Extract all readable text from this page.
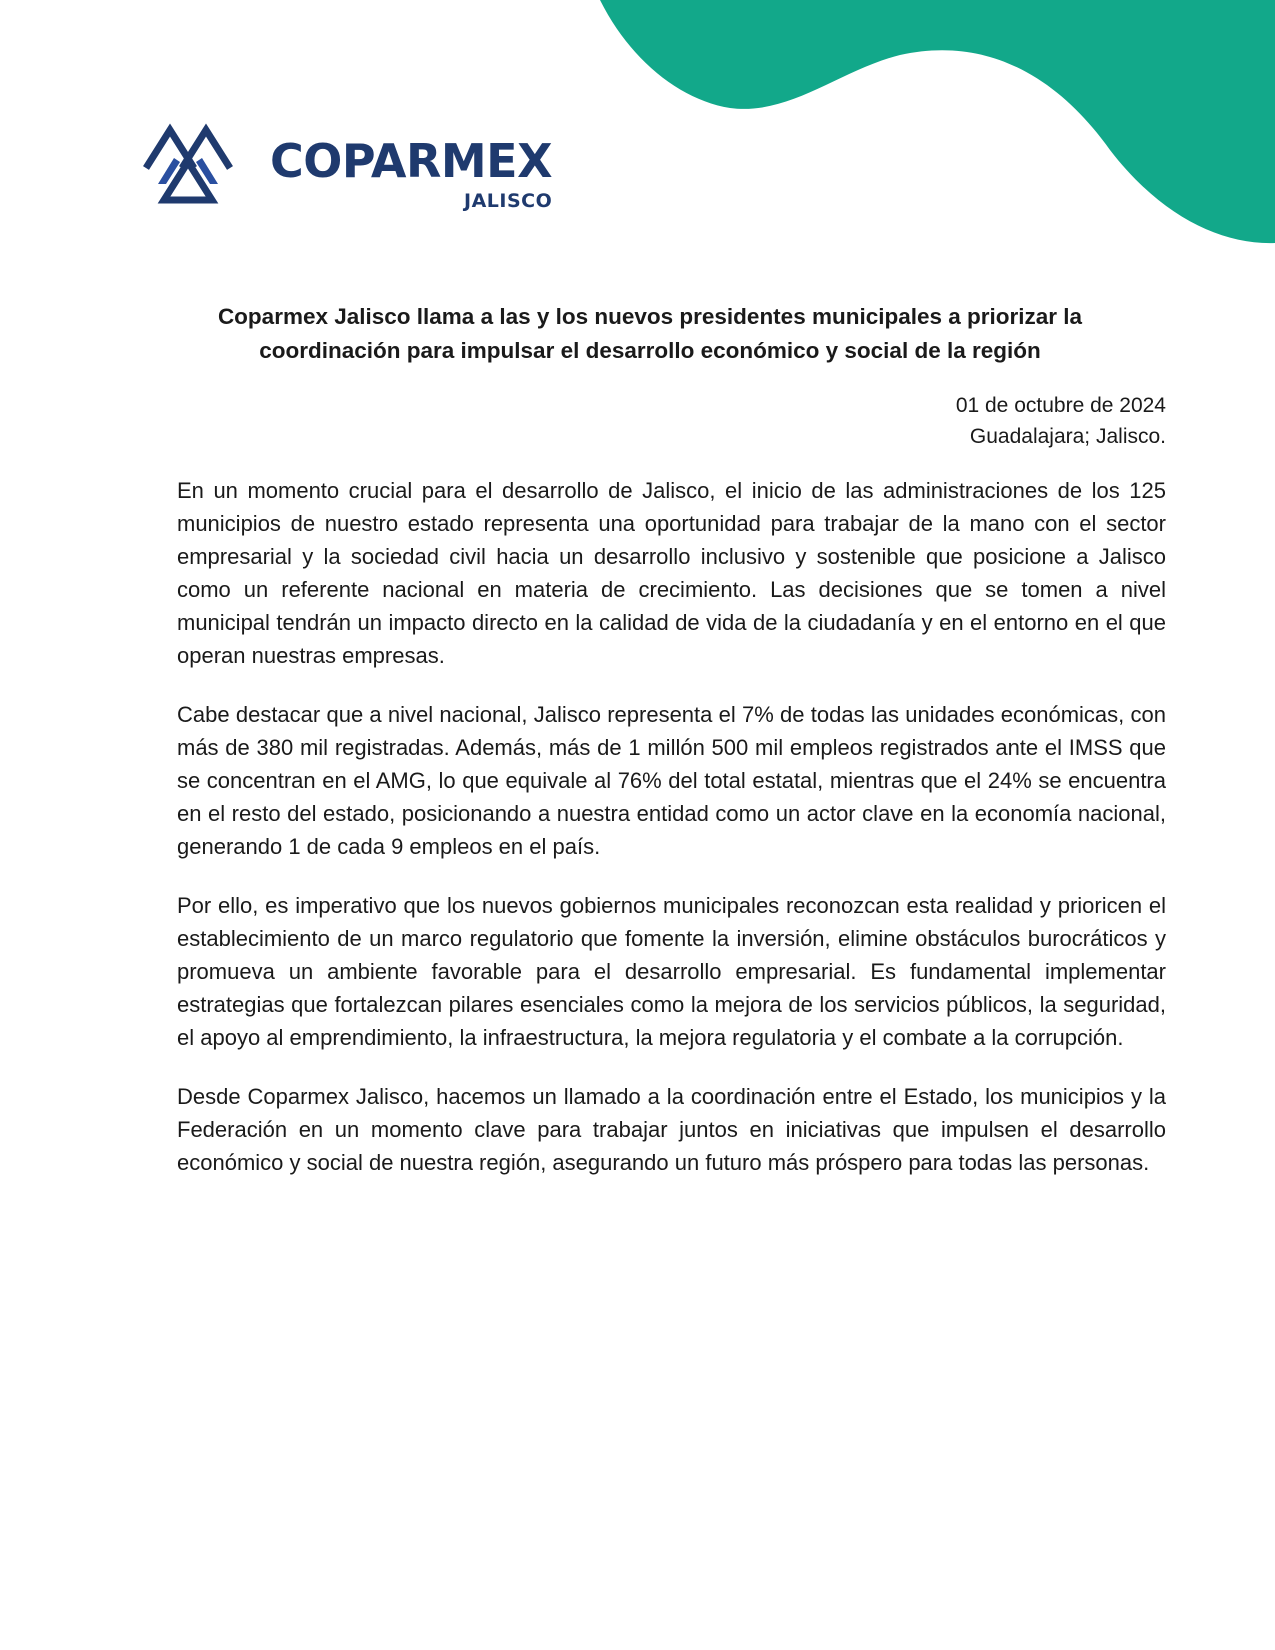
COPARMEX
JALISCO
Coparmex Jalisco llama a las y los nuevos presidentes municipales a priorizar la coordinación para impulsar el desarrollo económico y social de la región
01 de octubre de 2024
Guadalajara; Jalisco.

En un momento crucial para el desarrollo de Jalisco, el inicio de las administraciones de los 125 municipios de nuestro estado representa una oportunidad para trabajar de la mano con el sector empresarial y la sociedad civil hacia un desarrollo inclusivo y sostenible que posicione a Jalisco como un referente nacional en materia de crecimiento. Las decisiones que se tomen a nivel municipal tendrán un impacto directo en la calidad de vida de la ciudadanía y en el entorno en el que operan nuestras empresas.

Cabe destacar que a nivel nacional, Jalisco representa el 7% de todas las unidades económicas, con más de 380 mil registradas. Además, más de 1 millón 500 mil empleos registrados ante el IMSS que se concentran en el AMG, lo que equivale al 76% del total estatal, mientras que el 24% se encuentra en el resto del estado, posicionando a nuestra entidad como un actor clave en la economía nacional, generando 1 de cada 9 empleos en el país.

Por ello, es imperativo que los nuevos gobiernos municipales reconozcan esta realidad y prioricen el establecimiento de un marco regulatorio que fomente la inversión, elimine obstáculos burocráticos y promueva un ambiente favorable para el desarrollo empresarial. Es fundamental implementar estrategias que fortalezcan pilares esenciales como la mejora de los servicios públicos, la seguridad, el apoyo al emprendimiento, la infraestructura, la mejora regulatoria y el combate a la corrupción.

Desde Coparmex Jalisco, hacemos un llamado a la coordinación entre el Estado, los municipios y la Federación en un momento clave para trabajar juntos en iniciativas que impulsen el desarrollo económico y social de nuestra región, asegurando un futuro más próspero para todas las personas.
